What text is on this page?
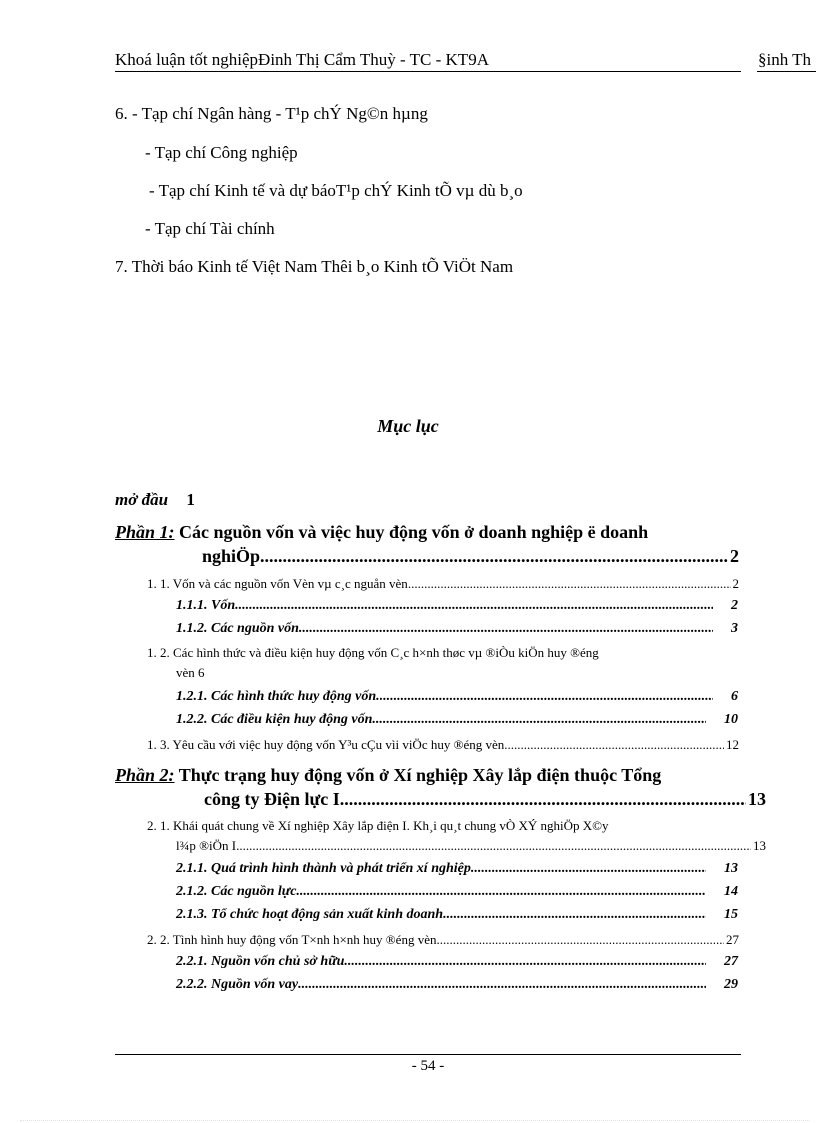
Khoá luận tốt nghiệpĐinh Thị Cẩm Thuỳ - TC - KT9A	§inh Th
6. - Tạp chí Ngân hàng - T¹p chÝ Ng©n hµng
- Tạp chí Công nghiệp
- Tạp chí Kinh tế và dự báoT¹p chÝ Kinh tÕ vµ dù b¸o
- Tạp chí Tài chính
7. Thời báo Kinh tế Việt Nam Thêi b¸o Kinh tÕ ViÖt Nam
Mục lục
mở đầu 1
Phần 1: Các nguồn vốn và việc huy động vốn ở doanh nghiệp ë doanh
nghiÖp .....	2
1. 1. Vốn và các nguồn vốn Vèn vµ c¸c nguån vèn .....	2
1.1.1. Vốn .....	2
1.1.2. Các nguồn vốn .....	3
1. 2. Các hình thức và điều kiện huy động vốn C¸c h×nh thøc vµ ®iÒu kiÖn huy ®éng
vèn 6
1.2.1. Các hình thức huy động vốn. .....	6
1.2.2. Các điều kiện huy động vốn .....	10
1. 3. Yêu cầu với việc huy động vốn Y³u cÇu vìi viÖc huy ®éng vèn .....	12
Phần 2: Thực trạng huy động vốn ở Xí nghiệp Xây lắp điện thuộc Tổng
công ty Điện lực I .....	13
2. 1. Khái quát chung về Xí nghiệp Xây lắp điện I. Kh¸i qu¸t chung vÒ XÝ nghiÖp X©y
l¾p ®iÖn I. .....	13
2.1.1. Quá trình hình thành và phát triển xí nghiệp. .....	13
2.1.2. Các nguồn lực .....	14
2.1.3. Tổ chức hoạt động sản xuất kinh doanh .....	15
2. 2. Tình hình huy động vốn T×nh h×nh huy ®éng vèn .....	27
2.2.1. Nguồn vốn chủ sở hữu .....	27
2.2.2. Nguồn vốn vay .....	29
- 54 -
